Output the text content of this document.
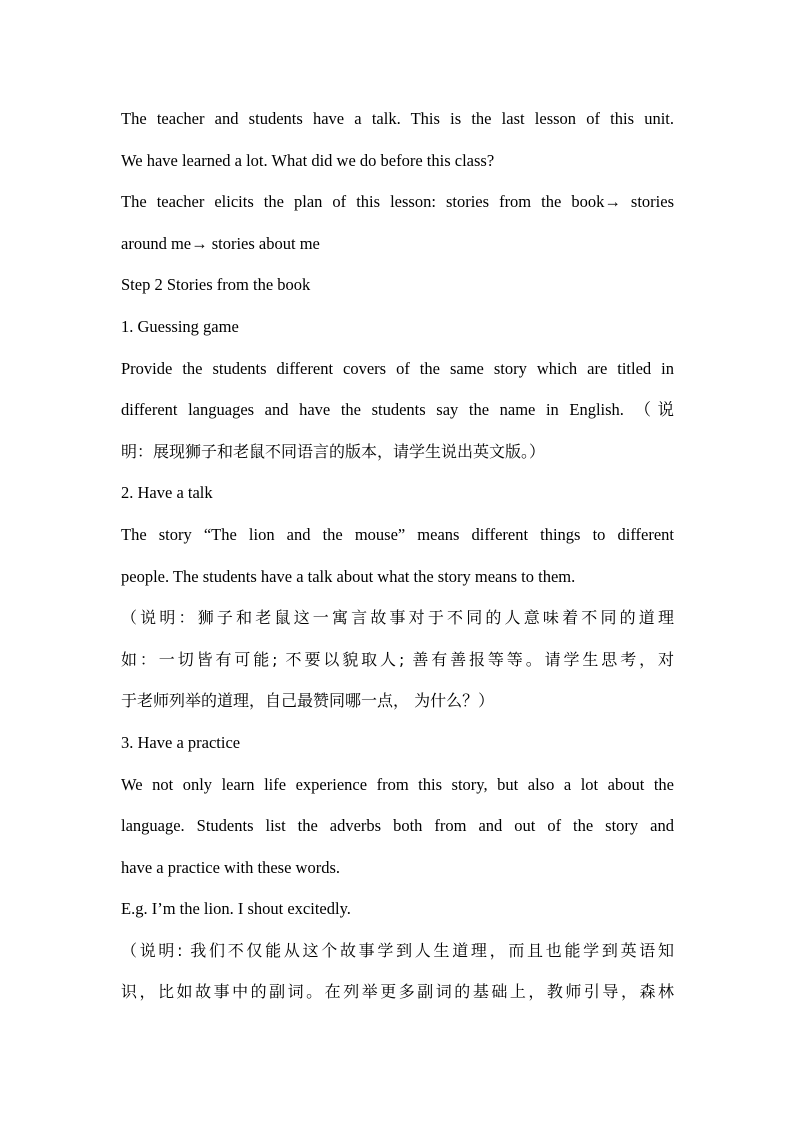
The teacher and students have a talk. This is the last lesson of this unit.
We have learned a lot. What did we do before this class?
The teacher elicits the plan of this lesson: stories from the book→ stories
around me→ stories about me
Step 2 Stories from the book
1. Guessing game
Provide the students different covers of the same story which are titled in
different languages and have the students say the name in English. （说
明：展现狮子和老鼠不同语言的版本，请学生说出英文版。）
2. Have a talk
The story “The lion and the mouse” means different things to different
people. The students have a talk about what the story means to them.
（说明：狮子和老鼠这一寓言故事对于不同的人意味着不同的道理
如：一切皆有可能; 不要以貌取人; 善有善报等等。请学生思考，对
于老师列举的道理，自己最赞同哪一点， 为什么？）
3. Have a practice
We not only learn life experience from this story, but also a lot about the
language. Students list the adverbs both from and out of the story and
have a practice with these words.
E.g. I’m the lion. I shout excitedly.
（说明: 我们不仅能从这个故事学到人生道理，而且也能学到英语知
识，比如故事中的副词。在列举更多副词的基础上，教师引导，森林
